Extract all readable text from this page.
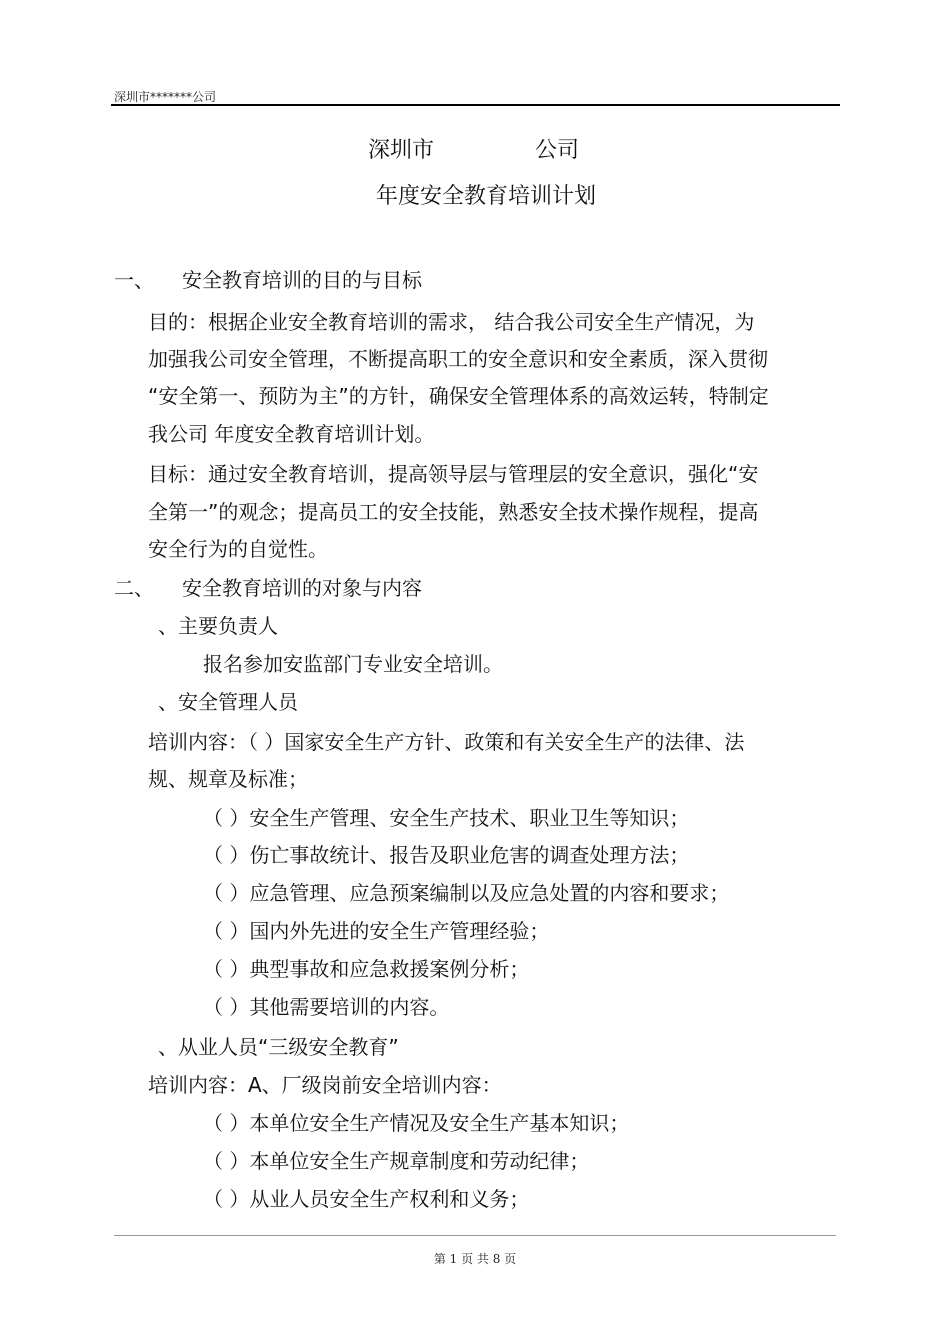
深圳市*******公司
深圳市	公司
年度安全教育培训计划
一、 安全教育培训的目的与目标
目的：根据企业安全教育培训的需求， 结合我公司安全生产情况，为
加强我公司安全管理，不断提高职工的安全意识和安全素质，深入贯彻
“安全第一、预防为主”的方针，确保安全管理体系的高效运转，特制定
我公司 年度安全教育培训计划。
目标：通过安全教育培训，提高领导层与管理层的安全意识，强化“安
全第一”的观念；提高员工的安全技能，熟悉安全技术操作规程，提高
安全行为的自觉性。
二、 安全教育培训的对象与内容
、主要负责人
报名参加安监部门专业安全培训。
、安全管理人员
培训内容：（ ）国家安全生产方针、政策和有关安全生产的法律、法
规、规章及标准；
（ ）安全生产管理、安全生产技术、职业卫生等知识；
（ ）伤亡事故统计、报告及职业危害的调查处理方法；
（ ）应急管理、应急预案编制以及应急处置的内容和要求；
（ ）国内外先进的安全生产管理经验；
（ ）典型事故和应急救援案例分析；
（ ）其他需要培训的内容。
、从业人员“三级安全教育”
培训内容：A、厂级岗前安全培训内容：
（ ）本单位安全生产情况及安全生产基本知识；
（ ）本单位安全生产规章制度和劳动纪律；
（ ）从业人员安全生产权利和义务；
第 1 页 共 8 页
